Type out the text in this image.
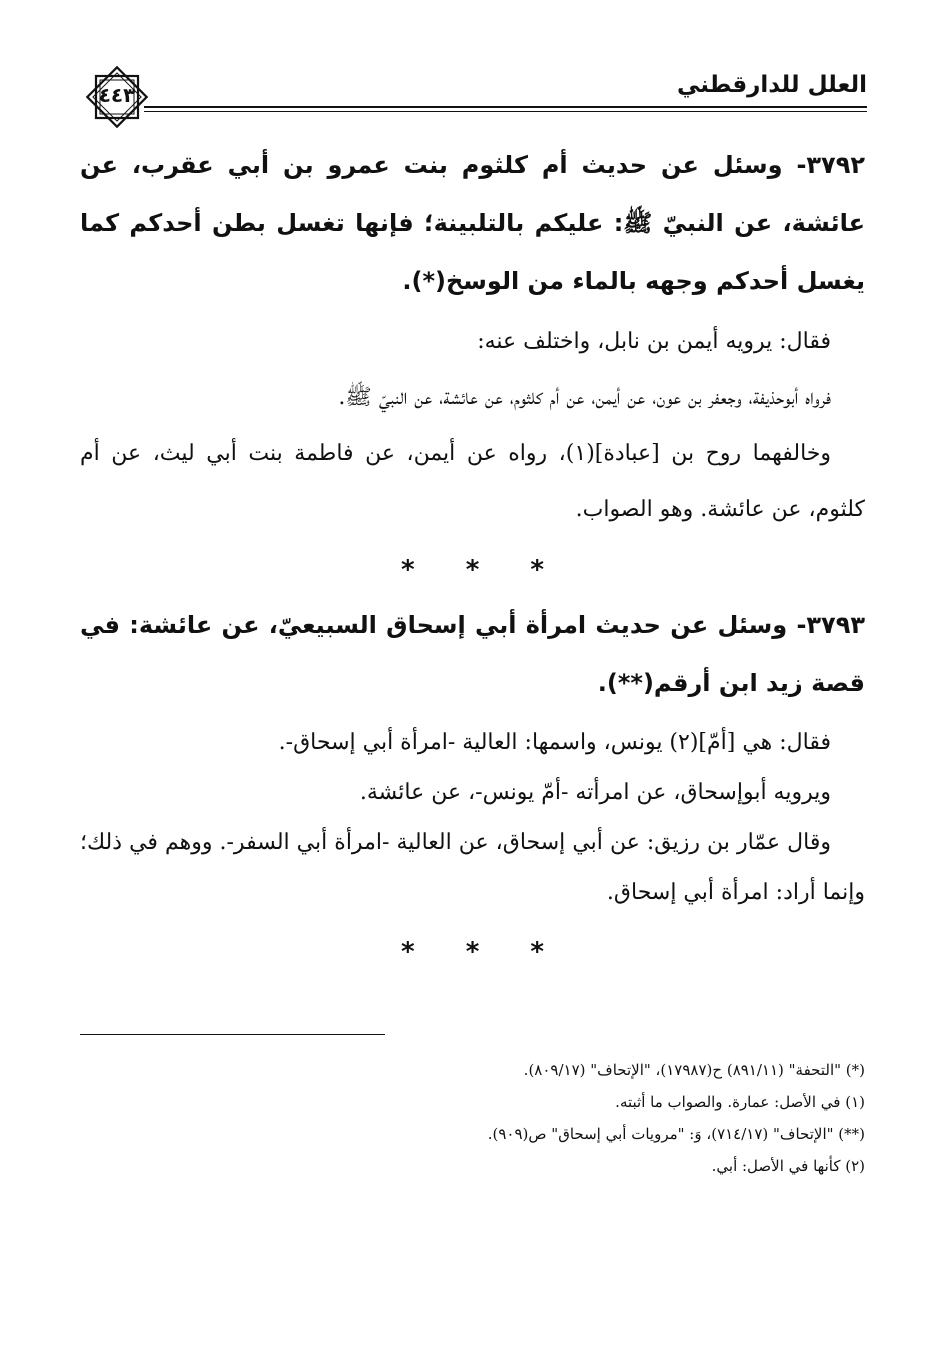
العلل للدارقطني
٤٤٣

٣٧٩٢- وسئل عن حديث أم كلثوم بنت عمرو بن أبي عقرب، عن عائشة، عن النبيّ ﷺ: عليكم بالتلبينة؛ فإنها تغسل بطن أحدكم كما يغسل أحدكم وجهه بالماء من الوسخ(*).

فقال: يرويه أيمن بن نابل، واختلف عنه:

فرواه أبوحذيفة، وجعفر بن عون، عن أيمن، عن أم كلثوم، عن عائشة، عن النبيّ ﷺ.

وخالفهما روح بن [عبادة](١)، رواه عن أيمن، عن فاطمة بنت أبي ليث، عن أم كلثوم، عن عائشة. وهو الصواب.

* * *

٣٧٩٣- وسئل عن حديث امرأة أبي إسحاق السبيعيّ، عن عائشة: في قصة زيد ابن أرقم(**).

فقال: هي [أمّ](٢) يونس، واسمها: العالية -امرأة أبي إسحاق-.

ويرويه أبوإسحاق، عن امرأته -أمّ يونس-، عن عائشة.

وقال عمّار بن رزيق: عن أبي إسحاق، عن العالية -امرأة أبي السفر-. ووهم في ذلك؛ وإنما أراد: امرأة أبي إسحاق.

* * *

(*) "التحفة" (٨٩١/١١) ح(١٧٩٨٧)، "الإتحاف" (٨٠٩/١٧).

(١) في الأصل: عمارة. والصواب ما أثبته.

(**) "الإتحاف" (٧١٤/١٧)، وَ: "مرويات أبي إسحاق" ص(٩٠٩).

(٢) كأنها في الأصل: أبي.
